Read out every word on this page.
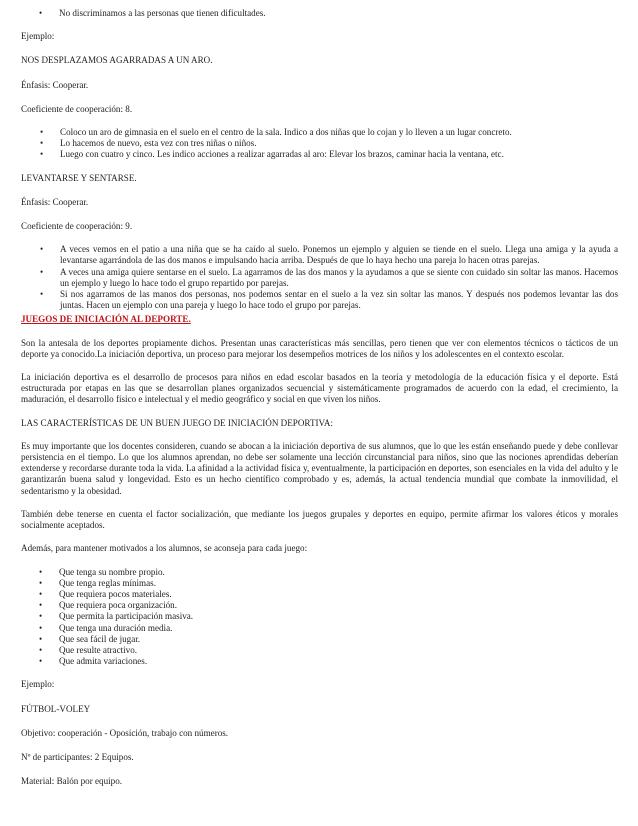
• No discriminamos a las personas que tienen dificultades.

Ejemplo:

NOS DESPLAZAMOS AGARRADAS A UN ARO.

Énfasis: Cooperar.

Coeficiente de cooperación: 8.

• Coloco un aro de gimnasia en el suelo en el centro de la sala. Indico a dos niñas que lo cojan y lo lleven a un lugar concreto.
• Lo hacemos de nuevo, esta vez con tres niñas o niños.
• Luego con cuatro y cinco. Les indico acciones a realizar agarradas al aro: Elevar los brazos, caminar hacia la ventana, etc.

LEVANTARSE Y SENTARSE.

Énfasis: Cooperar.

Coeficiente de cooperación: 9.

• A veces vemos en el patio a una niña que se ha caído al suelo. Ponemos un ejemplo y alguien se tiende en el suelo. Llega una amiga y la ayuda a levantarse agarrándola de las dos manos e impulsando hacia arriba. Después de que lo haya hecho una pareja lo hacen otras parejas.
• A veces una amiga quiere sentarse en el suelo. La agarramos de las dos manos y la ayudamos a que se siente con cuidado sin soltar las manos. Hacemos un ejemplo y luego lo hace todo el grupo repartido por parejas.
• Si nos agarramos de las manos dos personas, nos podemos sentar en el suelo a la vez sin soltar las manos. Y después nos podemos levantar las dos juntas. Hacen un ejemplo con una pareja y luego lo hace todo el grupo por parejas.

JUEGOS DE INICIACIÓN AL DEPORTE.

Son la antesala de los deportes propiamente dichos. Presentan unas características más sencillas, pero tienen que ver con elementos técnicos o tácticos de un deporte ya conocido.La iniciación deportiva, un proceso para mejorar los desempeños motrices de los niños y los adolescentes en el contexto escolar.

La iniciación deportiva es el desarrollo de procesos para niños en edad escolar basados en la teoría y metodología de la educación física y el deporte. Está estructurada por etapas en las que se desarrollan planes organizados secuencial y sistemáticamente programados de acuerdo con la edad, el crecimiento, la maduración, el desarrollo físico e intelectual y el medio geográfico y social en que viven los niños.

LAS CARACTERÍSTICAS DE UN BUEN JUEGO DE INICIACIÓN DEPORTIVA:

Es muy importante que los docentes consideren, cuando se abocan a la iniciación deportiva de sus alumnos, que lo que les están enseñando puede y debe conllevar persistencia en el tiempo. Lo que los alumnos aprendan, no debe ser solamente una lección circunstancial para niños, sino que las nociones aprendidas deberían extenderse y recordarse durante toda la vida. La afinidad a la actividad física y, eventualmente, la participación en deportes, son esenciales en la vida del adulto y le garantizarán buena salud y longevidad. Esto es un hecho científico comprobado y es, además, la actual tendencia mundial que combate la inmovilidad, el sedentarismo y la obesidad.

También debe tenerse en cuenta el factor socialización, que mediante los juegos grupales y deportes en equipo, permite afirmar los valores éticos y morales socialmente aceptados.

Además, para mantener motivados a los alumnos, se aconseja para cada juego:

• Que tenga su nombre propio.
• Que tenga reglas mínimas.
• Que requiera pocos materiales.
• Que requiera poca organización.
• Que permita la participación masiva.
• Que tenga una duración media.
• Que sea fácil de jugar.
• Que resulte atractivo.
• Que admita variaciones.

Ejemplo:

FÚTBOL-VOLEY

Objetivo: cooperación - Oposición, trabajo con números.

Nº de participantes: 2 Equipos.

Material: Balón por equipo.
